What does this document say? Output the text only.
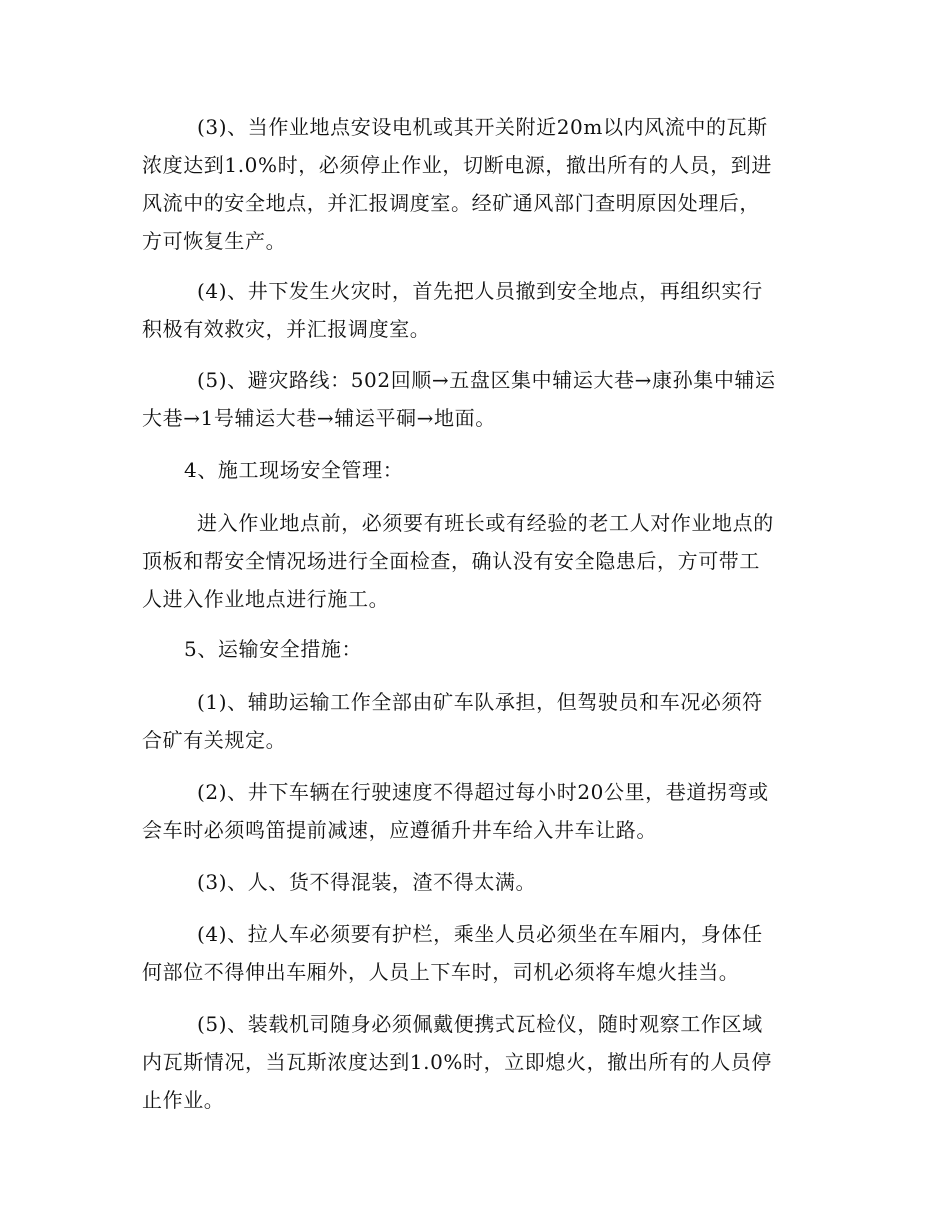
(3)、当作业地点安设电机或其开关附近20m以内风流中的瓦斯
浓度达到1.0%时，必须停止作业，切断电源，撤出所有的人员，到进
风流中的安全地点，并汇报调度室。经矿通风部门查明原因处理后，
方可恢复生产。

(4)、井下发生火灾时，首先把人员撤到安全地点，再组织实行
积极有效救灾，并汇报调度室。

(5)、避灾路线：502回顺→五盘区集中辅运大巷→康孙集中辅运
大巷→1号辅运大巷→辅运平硐→地面。

4、施工现场安全管理：

进入作业地点前，必须要有班长或有经验的老工人对作业地点的
顶板和帮安全情况场进行全面检查，确认没有安全隐患后，方可带工
人进入作业地点进行施工。

5、运输安全措施：

(1)、辅助运输工作全部由矿车队承担，但驾驶员和车况必须符
合矿有关规定。

(2)、井下车辆在行驶速度不得超过每小时20公里，巷道拐弯或
会车时必须鸣笛提前减速，应遵循升井车给入井车让路。

(3)、人、货不得混装，渣不得太满。

(4)、拉人车必须要有护栏，乘坐人员必须坐在车厢内，身体任
何部位不得伸出车厢外，人员上下车时，司机必须将车熄火挂当。

(5)、装载机司随身必须佩戴便携式瓦检仪，随时观察工作区域
内瓦斯情况，当瓦斯浓度达到1.0%时，立即熄火，撤出所有的人员停
止作业。
